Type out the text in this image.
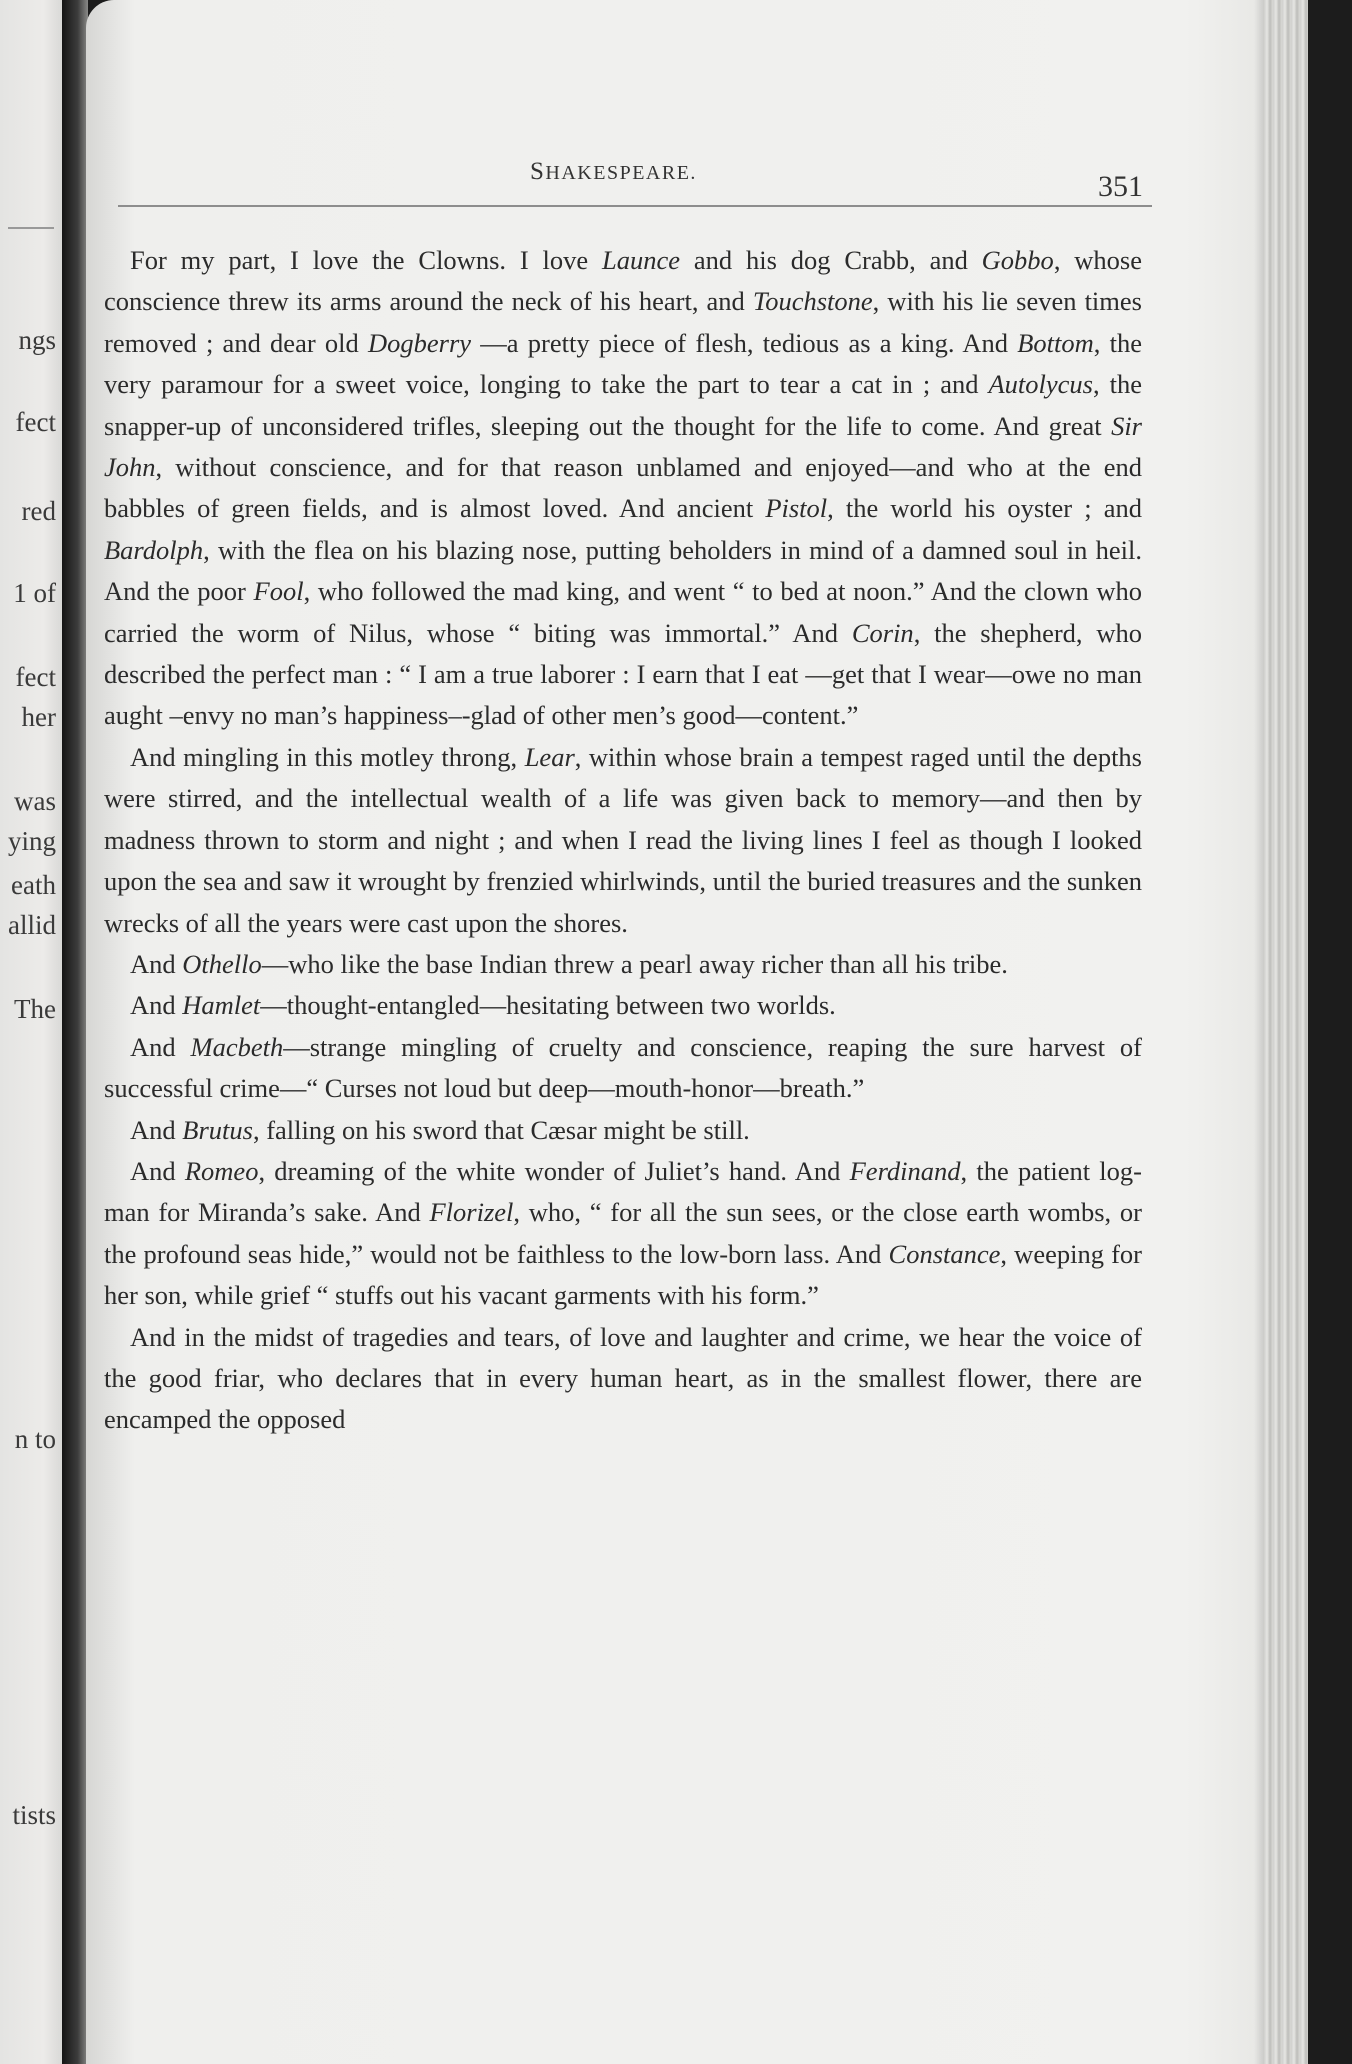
ngs
fect
red
1 of
fect
her
was
ying
eath
allid
The
n to
tists
SHAKESPEARE.	351

For my part, I love the Clowns. I love Launce and his dog Crabb, and Gobbo, whose conscience threw its arms around the neck of his heart, and Touchstone, with his lie seven times removed ; and dear old Dogberry —a pretty piece of flesh, tedious as a king. And Bottom, the very paramour for a sweet voice, longing to take the part to tear a cat in ; and Autolycus, the snapper-up of unconsidered trifles, sleeping out the thought for the life to come. And great Sir John, without conscience, and for that reason unblamed and enjoyed—and who at the end babbles of green fields, and is almost loved. And ancient Pistol, the world his oyster ; and Bardolph, with the flea on his blazing nose, putting beholders in mind of a damned soul in heil. And the poor Fool, who followed the mad king, and went “ to bed at noon.” And the clown who carried the worm of Nilus, whose “ biting was immortal.” And Corin, the shepherd, who described the perfect man : “ I am a true laborer : I earn that I eat —get that I wear—owe no man aught –envy no man’s happiness–-glad of other men’s good—content.”

And mingling in this motley throng, Lear, within whose brain a tempest raged until the depths were stirred, and the intellectual wealth of a life was given back to memory—and then by madness thrown to storm and night ; and when I read the living lines I feel as though I looked upon the sea and saw it wrought by frenzied whirlwinds, until the buried treasures and the sunken wrecks of all the years were cast upon the shores.

And Othello—who like the base Indian threw a pearl away richer than all his tribe.

And Hamlet—thought-entangled—hesitating between two worlds.

And Macbeth—strange mingling of cruelty and conscience, reaping the sure harvest of successful crime—“ Curses not loud but deep—mouth-honor—breath.”

And Brutus, falling on his sword that Cæsar might be still.

And Romeo, dreaming of the white wonder of Juliet’s hand. And Ferdinand, the patient log-man for Miranda’s sake. And Florizel, who, “ for all the sun sees, or the close earth wombs, or the profound seas hide,” would not be faithless to the low-born lass. And Constance, weeping for her son, while grief “ stuffs out his vacant garments with his form.”

And in the midst of tragedies and tears, of love and laughter and crime, we hear the voice of the good friar, who declares that in every human heart, as in the smallest flower, there are encamped the opposed
